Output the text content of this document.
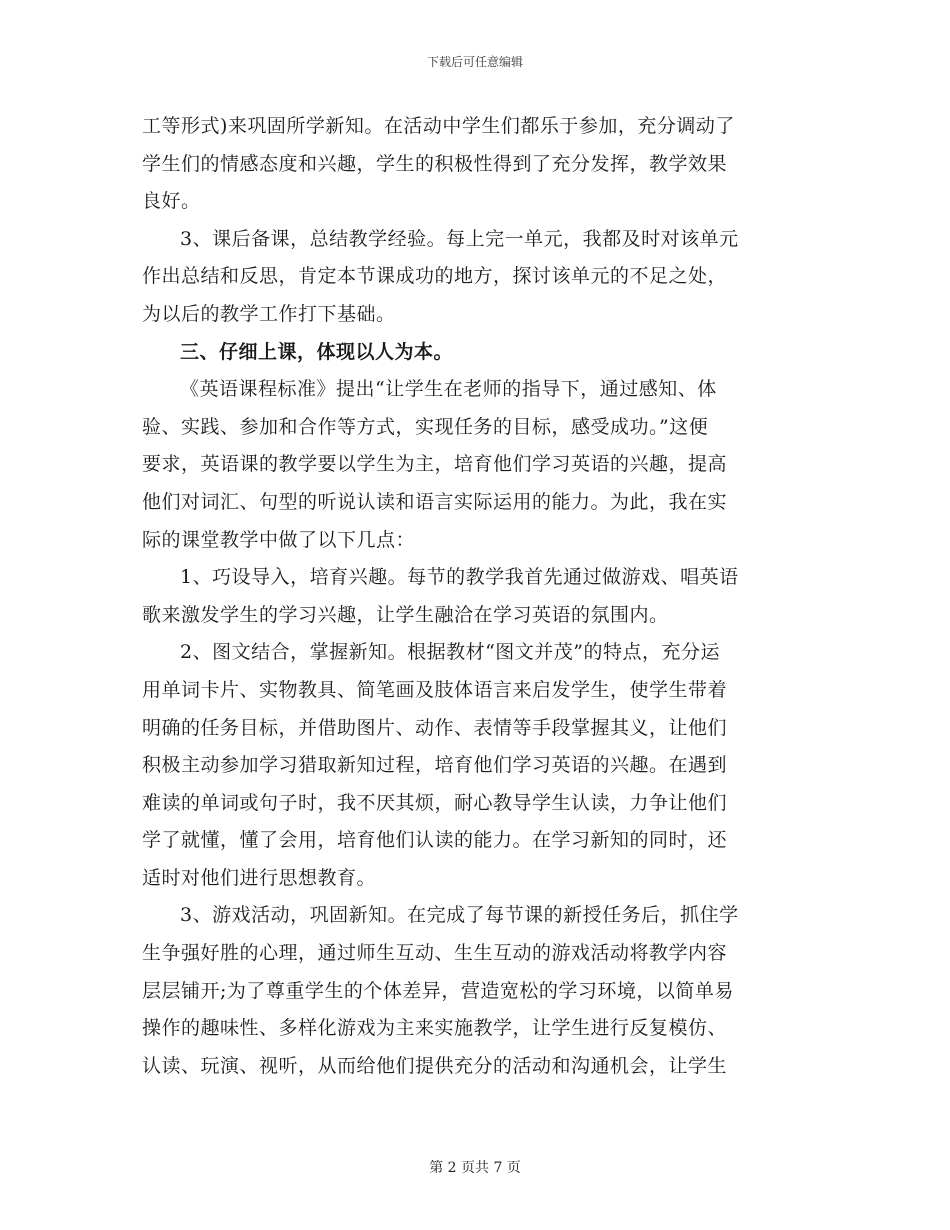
下载后可任意编辑
工等形式)来巩固所学新知。在活动中学生们都乐于参加，充分调动了
学生们的情感态度和兴趣，学生的积极性得到了充分发挥，教学效果
良好。
3、课后备课，总结教学经验。每上完一单元，我都及时对该单元
作出总结和反思，肯定本节课成功的地方，探讨该单元的不足之处，
为以后的教学工作打下基础。
三、仔细上课，体现以人为本。
《英语课程标准》提出“让学生在老师的指导下，通过感知、体
验、实践、参加和合作等方式，实现任务的目标，感受成功。”这便
要求，英语课的教学要以学生为主，培育他们学习英语的兴趣，提高
他们对词汇、句型的听说认读和语言实际运用的能力。为此，我在实
际的课堂教学中做了以下几点：
1、巧设导入，培育兴趣。每节的教学我首先通过做游戏、唱英语
歌来激发学生的学习兴趣，让学生融洽在学习英语的氛围内。
2、图文结合，掌握新知。根据教材“图文并茂”的特点，充分运
用单词卡片、实物教具、简笔画及肢体语言来启发学生，使学生带着
明确的任务目标，并借助图片、动作、表情等手段掌握其义，让他们
积极主动参加学习猎取新知过程，培育他们学习英语的兴趣。在遇到
难读的单词或句子时，我不厌其烦，耐心教导学生认读，力争让他们
学了就懂，懂了会用，培育他们认读的能力。在学习新知的同时，还
适时对他们进行思想教育。
3、游戏活动，巩固新知。在完成了每节课的新授任务后，抓住学
生争强好胜的心理，通过师生互动、生生互动的游戏活动将教学内容
层层铺开;为了尊重学生的个体差异，营造宽松的学习环境，以简单易
操作的趣味性、多样化游戏为主来实施教学，让学生进行反复模仿、
认读、玩演、视听，从而给他们提供充分的活动和沟通机会，让学生
第 2 页共 7 页
